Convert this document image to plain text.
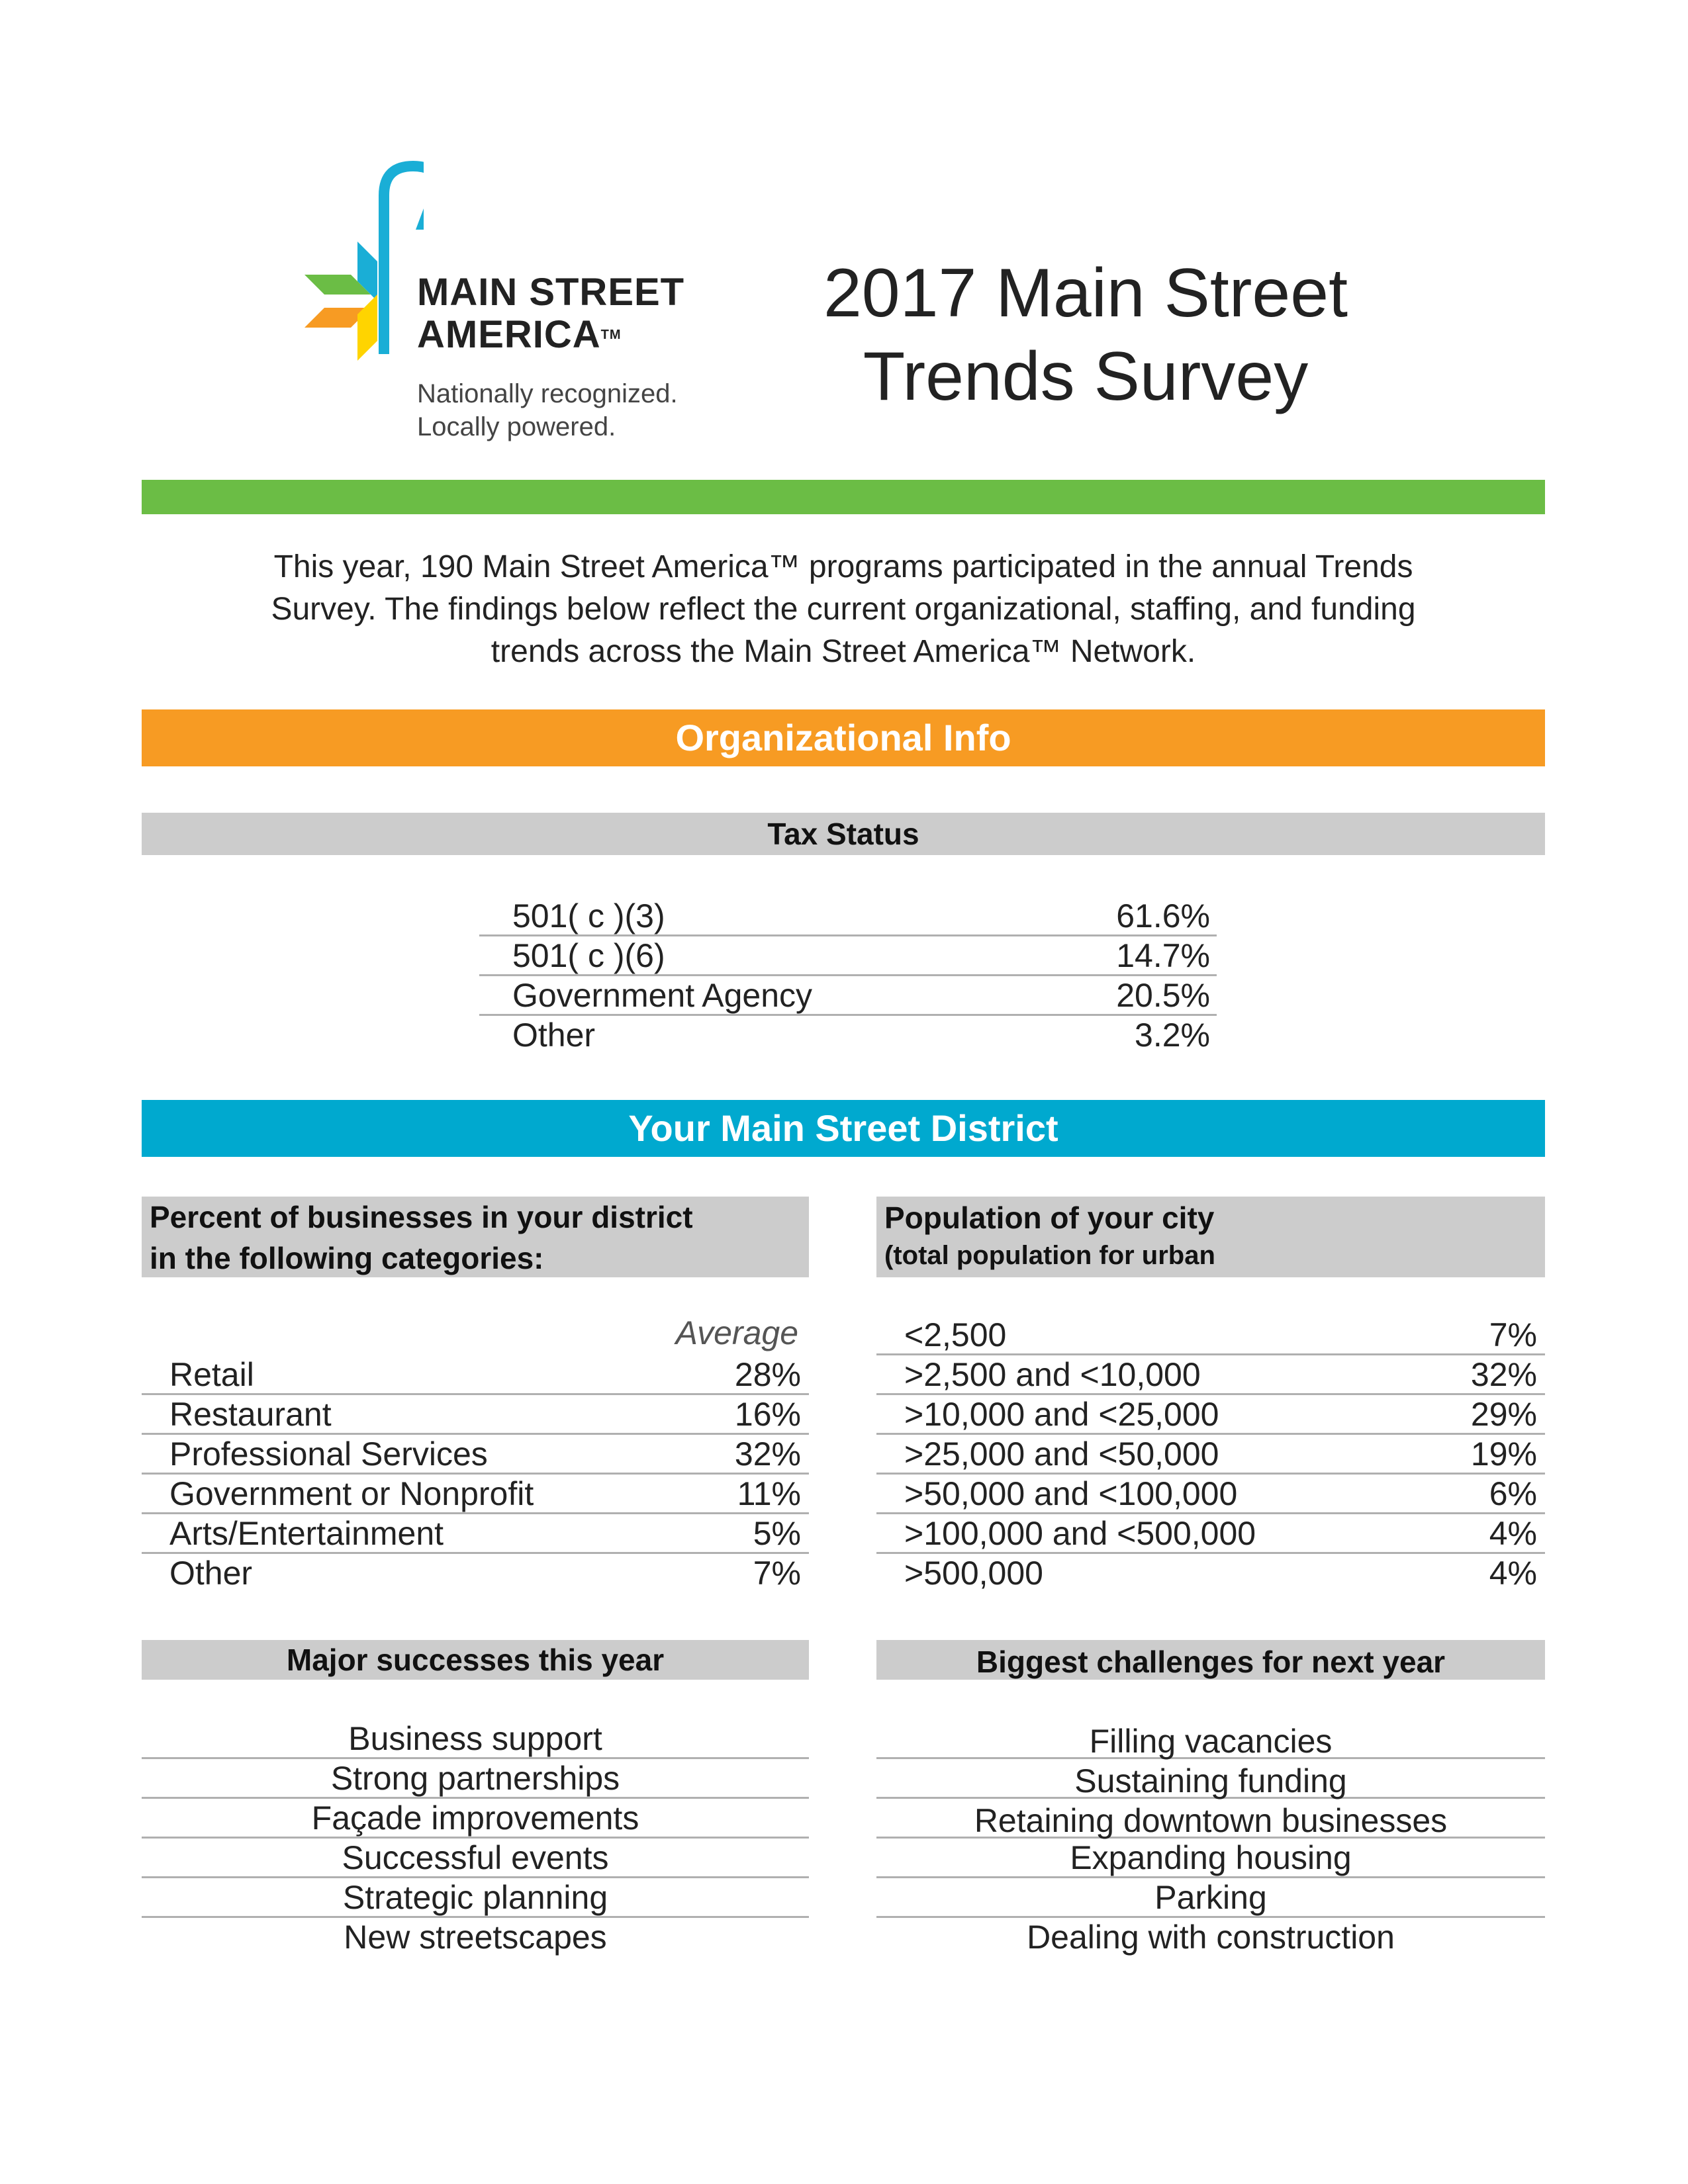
MAIN STREET
AMERICA™
Nationally recognized.
Locally powered.
2017 Main Street
Trends Survey
This year, 190 Main Street America™ programs participated in the annual Trends
Survey. The findings below reflect the current organizational, staffing, and funding
trends across the Main Street America™ Network.
Organizational Info
Tax Status
501( c )(3)	61.6%
501( c )(6)	14.7%
Government Agency	20.5%
Other	3.2%
Your Main Street District
Percent of businesses in your district
in the following categories:
Population of your city
(total population for urban
Average
Retail	28%
Restaurant	16%
Professional Services	32%
Government or Nonprofit	11%
Arts/Entertainment	5%
Other	7%
<2,500	7%
>2,500 and <10,000	32%
>10,000 and <25,000	29%
>25,000 and <50,000	19%
>50,000 and <100,000	6%
>100,000 and <500,000	4%
>500,000	4%
Major successes this year	Biggest challenges for next year
Business support
Strong partnerships
Façade improvements
Successful events
Strategic planning
New streetscapes
Filling vacancies
Sustaining funding
Retaining downtown businesses
Expanding housing
Parking
Dealing with construction
